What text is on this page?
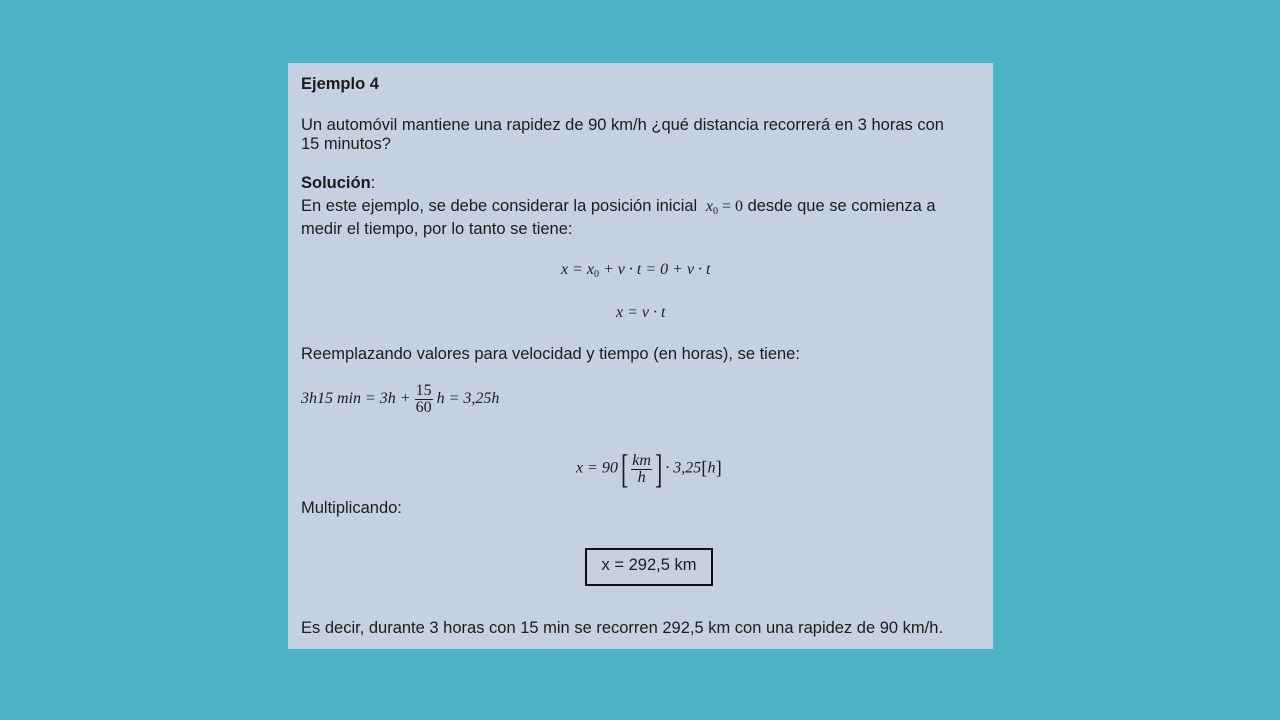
Ejemplo 4
Un automóvil mantiene una rapidez de 90 km/h ¿qué distancia recorrerá en 3 horas con
15 minutos?
Solución:
En este ejemplo, se debe considerar la posición inicial $x_0 = 0$ desde que se comienza a
medir el tiempo, por lo tanto se tiene:
$x = x_0 + v \cdot t = 0 + v \cdot t$
x = v · t
Reemplazando valores para velocidad y tiempo (en horas), se tiene:
3h15 $\min = 3h + \frac{15}{60}$ h = 3,25h
$x = 90[ \frac{km}{h}$ ] · 3,25[h]
Multiplicando:
x = 292,5 km
Es decir, durante 3 horas con 15 min se recorren 292,5 km con una rapidez de 90 km/h.
